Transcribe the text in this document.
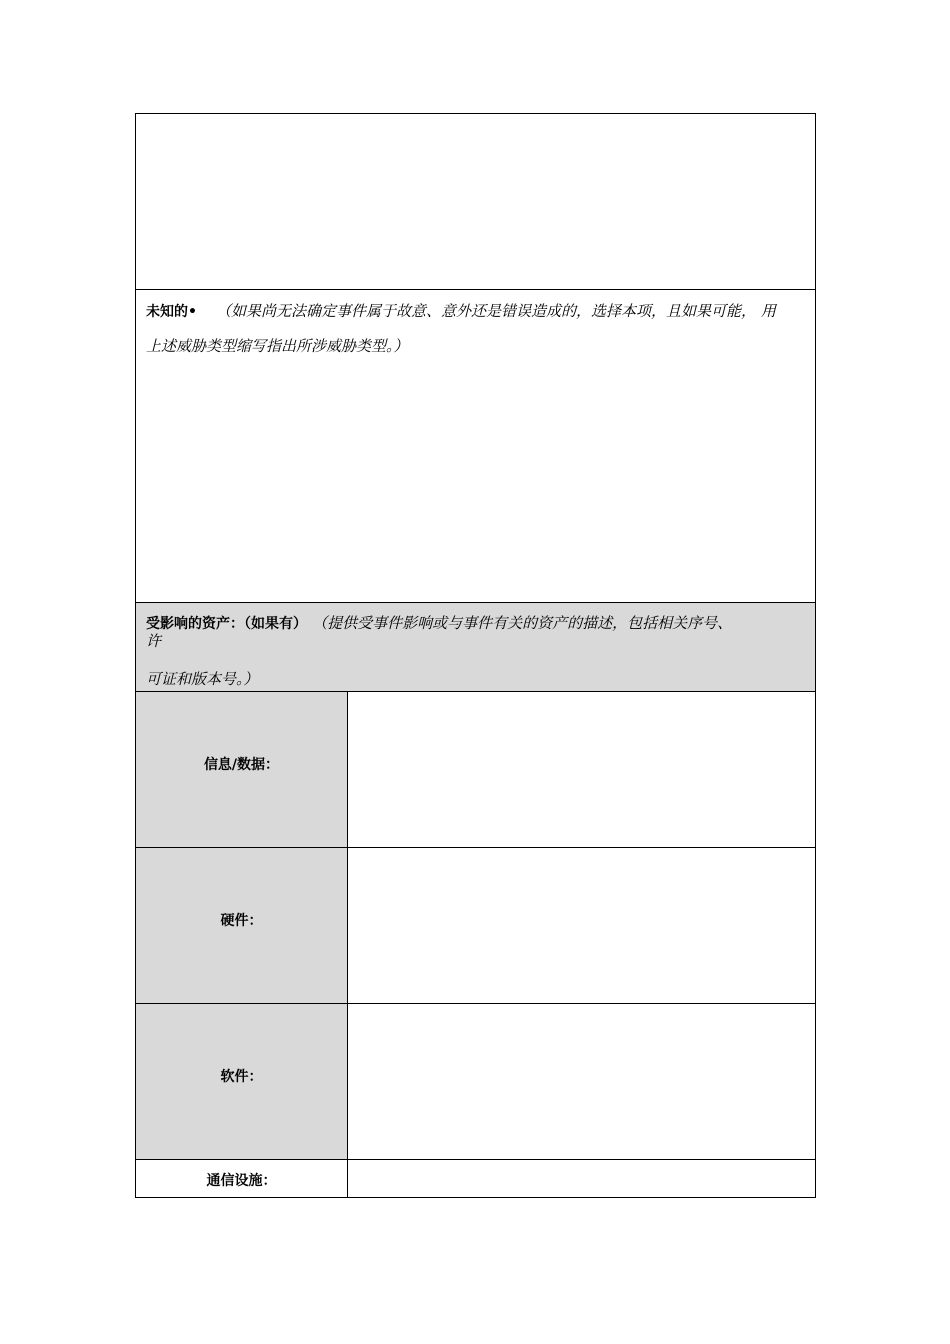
未知的• （如果尚无法确定事件属于故意、意外还是错误造成的，选择本项，且如果可能， 用
上述威胁类型缩写指出所涉威胁类型。）
受影响的资产：（如果有） （提供受事件影响或与事件有关的资产的描述，包括相关序号、
许
可证和版本号。）
信息/数据：
硬件：
软件：
通信设施：
